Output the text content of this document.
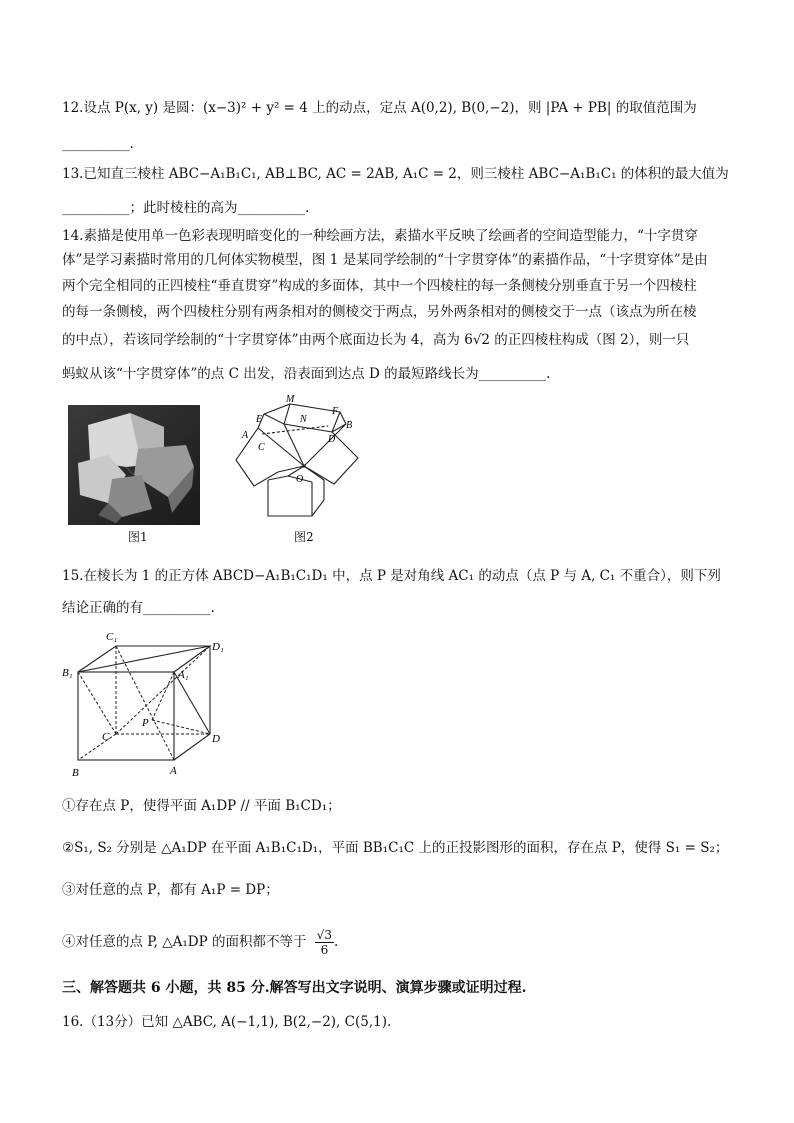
12.设点 P(x, y) 是圆：(x−3)² + y² = 4 上的动点，定点 A(0,2), B(0,−2)，则 |PA + PB| 的取值范围为
__________.
13.已知直三棱柱 ABC−A₁B₁C₁, AB⊥BC, AC = 2AB, A₁C = 2，则三棱柱 ABC−A₁B₁C₁ 的体积的最大值为
__________；此时棱柱的高为__________.
14.素描是使用单一色彩表现明暗变化的一种绘画方法，素描水平反映了绘画者的空间造型能力，“十字贯穿
体”是学习素描时常用的几何体实物模型，图 1 是某同学绘制的“十字贯穿体”的素描作品，“十字贯穿体”是由
两个完全相同的正四棱柱“垂直贯穿”构成的多面体，其中一个四棱柱的每一条侧棱分别垂直于另一个四棱柱
的每一条侧棱，两个四棱柱分别有两条相对的侧棱交于两点，另外两条相对的侧棱交于一点（该点为所在棱
的中点），若该同学绘制的“十字贯穿体”由两个底面边长为 4，高为 6√2 的正四棱柱构成（图 2），则一只
蚂蚁从该“十字贯穿体”的点 C 出发，沿表面到达点 D 的最短路线长为__________.
图1
M
E	N
F
A
C
D
B
O
图2
15.在棱长为 1 的正方体 ABCD−A₁B₁C₁D₁ 中，点 P 是对角线 AC₁ 的动点（点 P 与 A, C₁ 不重合），则下列
结论正确的有__________.
C₁
D₁
B₁	A₁
P
C	D
B	A
①存在点 P，使得平面 A₁DP // 平面 B₁CD₁；
②S₁, S₂ 分别是 △A₁DP 在平面 A₁B₁C₁D₁，平面 BB₁C₁C 上的正投影图形的面积，存在点 P，使得 S₁ = S₂；
③对任意的点 P，都有 A₁P = DP；
④对任意的点 P, △A₁DP 的面积都不等于 $\frac{√3}{6}$ .
三、解答题共 6 小题，共 85 分.解答写出文字说明、演算步骤或证明过程.
16.（13分）已知 △ABC, A(−1,1), B(2,−2), C(5,1).
